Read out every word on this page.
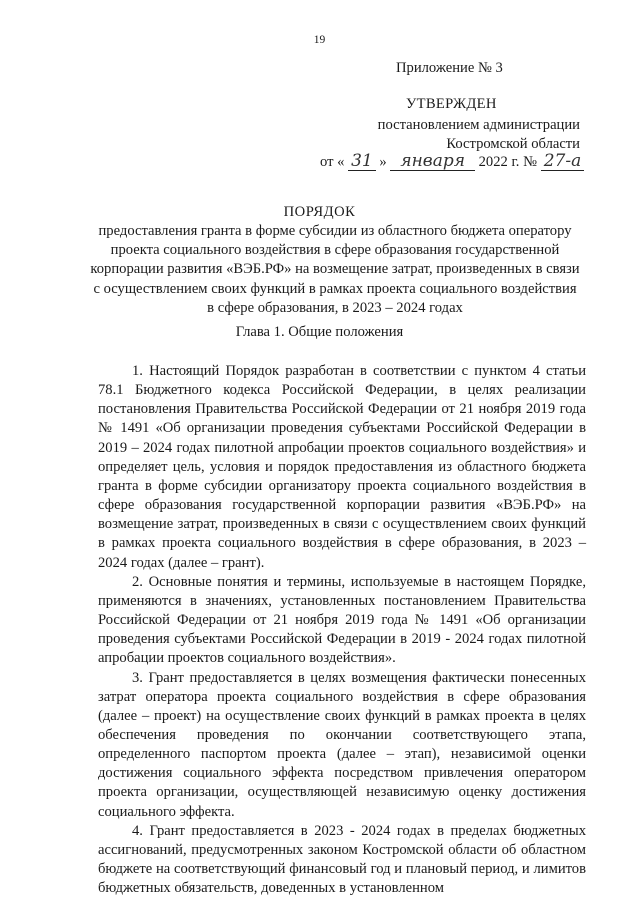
19
Приложение № 3
УТВЕРЖДЕН
постановлением администрации
Костромской области
от « 31 » января 2022 г. № 27-а
ПОРЯДОК
предоставления гранта в форме субсидии из областного бюджета оператору проекта социального воздействия в сфере образования государственной корпорации развития «ВЭБ.РФ» на возмещение затрат, произведенных в связи с осуществлением своих функций в рамках проекта социального воздействия в сфере образования, в 2023 – 2024 годах
Глава 1. Общие положения

1. Настоящий Порядок разработан в соответствии с пунктом 4 статьи 78.1 Бюджетного кодекса Российской Федерации, в целях реализации постановления Правительства Российской Федерации от 21 ноября 2019 года № 1491 «Об организации проведения субъектами Российской Федерации в 2019 – 2024 годах пилотной апробации проектов социального воздействия» и определяет цель, условия и порядок предоставления из областного бюджета гранта в форме субсидии организатору проекта социального воздействия в сфере образования государственной корпорации развития «ВЭБ.РФ» на возмещение затрат, произведенных в связи с осуществлением своих функций в рамках проекта социального воздействия в сфере образования, в 2023 – 2024 годах (далее – грант).

2. Основные понятия и термины, используемые в настоящем Порядке, применяются в значениях, установленных постановлением Правительства Российской Федерации от 21 ноября 2019 года № 1491 «Об организации проведения субъектами Российской Федерации в 2019 - 2024 годах пилотной апробации проектов социального воздействия».

3. Грант предоставляется в целях возмещения фактически понесенных затрат оператора проекта социального воздействия в сфере образования (далее – проект) на осуществление своих функций в рамках проекта в целях обеспечения проведения по окончании соответствующего этапа, определенного паспортом проекта (далее – этап), независимой оценки достижения социального эффекта посредством привлечения оператором проекта организации, осуществляющей независимую оценку достижения социального эффекта.

4. Грант предоставляется в 2023 - 2024 годах в пределах бюджетных ассигнований, предусмотренных законом Костромской области об областном бюджете на соответствующий финансовый год и плановый период, и лимитов бюджетных обязательств, доведенных в установленном
